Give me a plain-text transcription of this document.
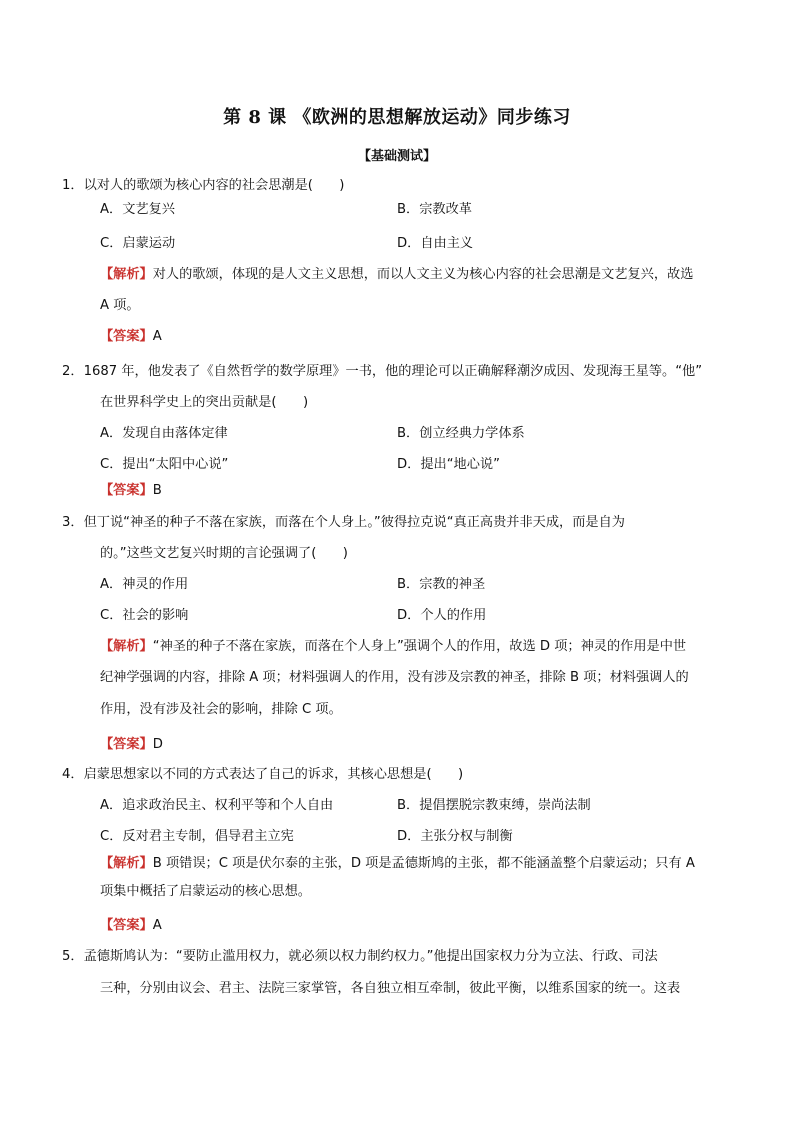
第 8 课 《欧洲的思想解放运动》同步练习
【基础测试】
1．以对人的歌颂为核心内容的社会思潮是(　　)
A．文艺复兴	B．宗教改革
C．启蒙运动	D．自由主义
【解析】对人的歌颂，体现的是人文主义思想，而以人文主义为核心内容的社会思潮是文艺复兴，故选
A 项。
【答案】A
2．1687 年，他发表了《自然哲学的数学原理》一书，他的理论可以正确解释潮汐成因、发现海王星等。“他”
在世界科学史上的突出贡献是(　　)
A．发现自由落体定律	B．创立经典力学体系
C．提出“太阳中心说”	D．提出“地心说”
【答案】B
3．但丁说“神圣的种子不落在家族，而落在个人身上。”彼得拉克说“真正高贵并非天成，而是自为
的。”这些文艺复兴时期的言论强调了(　　)
A．神灵的作用	B．宗教的神圣
C．社会的影响	D．个人的作用
【解析】“神圣的种子不落在家族，而落在个人身上”强调个人的作用，故选 D 项；神灵的作用是中世
纪神学强调的内容，排除 A 项；材料强调人的作用，没有涉及宗教的神圣，排除 B 项；材料强调人的
作用，没有涉及社会的影响，排除 C 项。
【答案】D
4．启蒙思想家以不同的方式表达了自己的诉求，其核心思想是(　　)
A．追求政治民主、权利平等和个人自由	B．提倡摆脱宗教束缚，崇尚法制
C．反对君主专制，倡导君主立宪	D．主张分权与制衡
【解析】B 项错误；C 项是伏尔泰的主张，D 项是孟德斯鸠的主张，都不能涵盖整个启蒙运动；只有 A
项集中概括了启蒙运动的核心思想。
【答案】A
5．孟德斯鸠认为：“要防止滥用权力，就必须以权力制约权力。”他提出国家权力分为立法、行政、司法
三种，分别由议会、君主、法院三家掌管，各自独立相互牵制，彼此平衡，以维系国家的统一。这表
